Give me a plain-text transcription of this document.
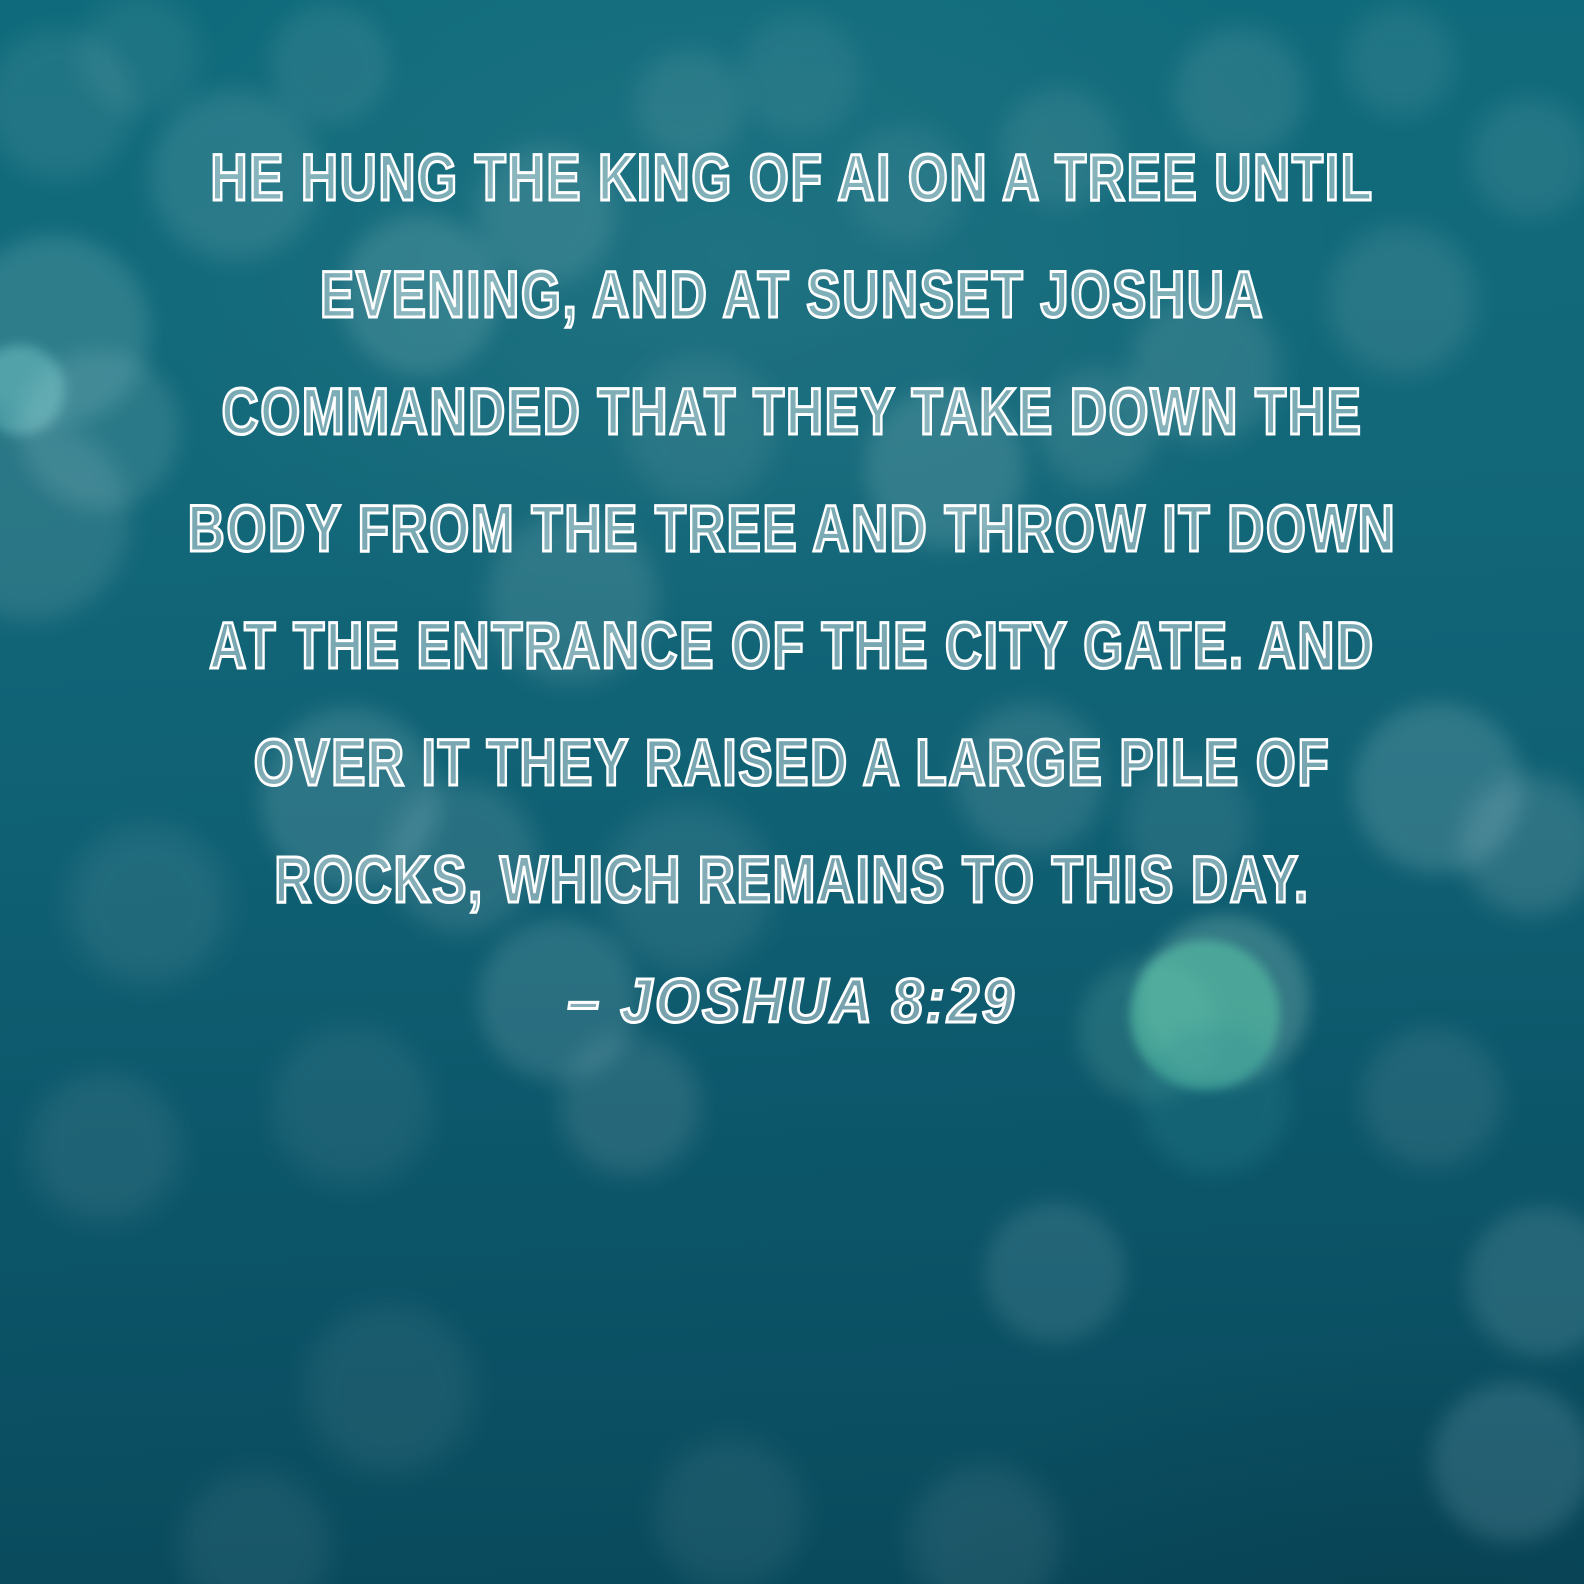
HE HUNG THE KING OF AI ON A TREE UNTIL
EVENING, AND AT SUNSET JOSHUA
COMMANDED THAT THEY TAKE DOWN THE
BODY FROM THE TREE AND THROW IT DOWN
AT THE ENTRANCE OF THE CITY GATE. AND
OVER IT THEY RAISED A LARGE PILE OF
ROCKS, WHICH REMAINS TO THIS DAY.
– JOSHUA 8:29
